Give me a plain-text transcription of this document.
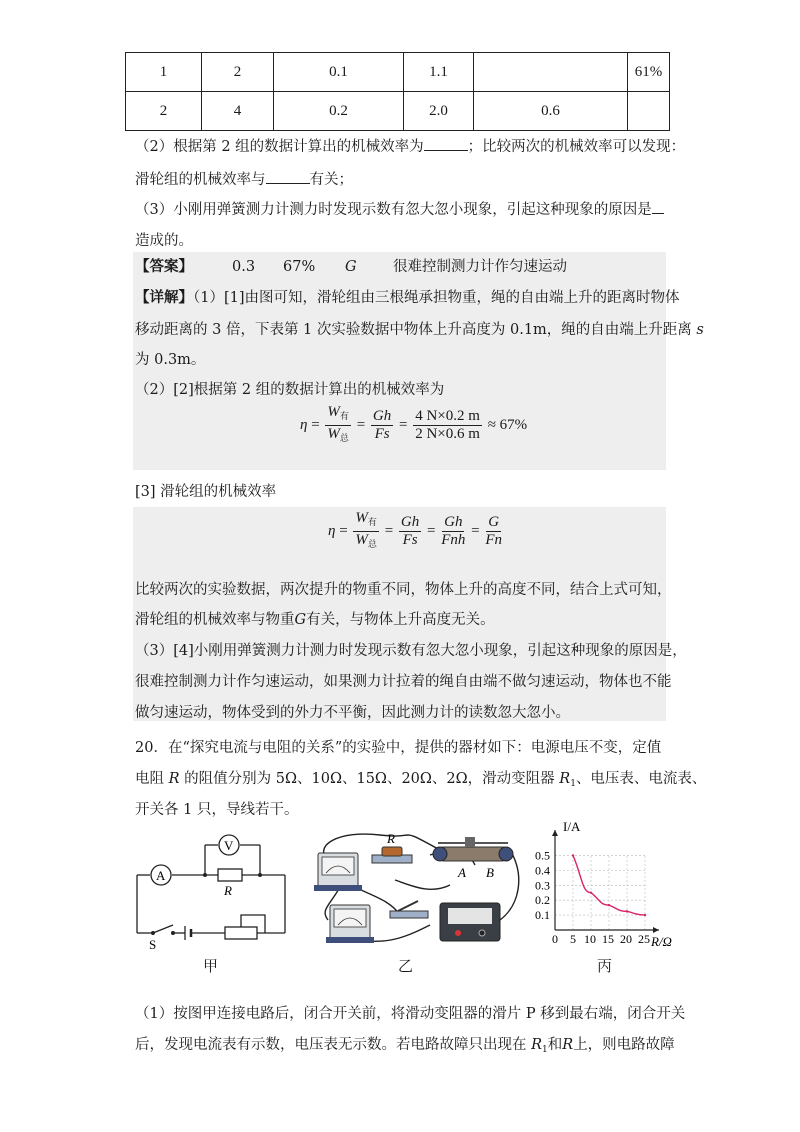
1	2	0.1	1.1		61%
2	4	0.2	2.0	0.6	
（2）根据第 2 组的数据计算出的机械效率为	；比较两次的机械效率可以发现：
滑轮组的机械效率与	有关；
（3）小刚用弹簧测力计测力时发现示数有忽大忽小现象，引起这种现象的原因是
造成的。
【答案】	0.3 67% G	很难控制测力计作匀速运动
【详解】（1）[1]由图可知，滑轮组由三根绳承担物重，绳的自由端上升的距离时物体
移动距离的 3 倍，下表第 1 次实验数据中物体上升高度为 0.1m，绳的自由端上升距离 s
为 0.3m。
（2）[2]根据第 2 组的数据计算出的机械效率为
$\eta = \frac{W_有}{W_总} = \frac{Gh}{Fs} = \frac{4 N\times 0.2 m}{2 N\times 0.6 m} \approx 67\%$
[3] 滑轮组的机械效率
$\eta = \frac{W_有}{W_总} = \frac{Gh}{Fs} = \frac{Gh}{\text{Fnh}} = \frac{G}{Fn}$
比较两次的实验数据，两次提升的物重不同，物体上升的高度不同，结合上式可知，
滑轮组的机械效率与物重G有关，与物体上升高度无关。
（3）[4]小刚用弹簧测力计测力时发现示数有忽大忽小现象，引起这种现象的原因是，
很难控制测力计作匀速运动，如果测力计拉着的绳自由端不做匀速运动，物体也不能
做匀速运动，物体受到的外力不平衡，因此测力计的读数忽大忽小。
20．在“探究电流与电阻的关系”的实验中，提供的器材如下：电源电压不变，定值
电阻 R 的阻值分别为 5Ω、10Ω、15Ω、20Ω、2Ω，滑动变阻器 $R_1$、电压表、电流表、
开关各 1 只，导线若干。
V
A
R
S
甲
R
A B
乙
0 5 10 15 20 25
0.1
0.2
0.3
0.4
0.5
I/A
R/Ω
丙
（1）按图甲连接电路后，闭合开关前，将滑动变阻器的滑片 P 移到最右端，闭合开关
后，发现电流表有示数，电压表无示数。若电路故障只出现在 $R_1$和R上，则电路故障
